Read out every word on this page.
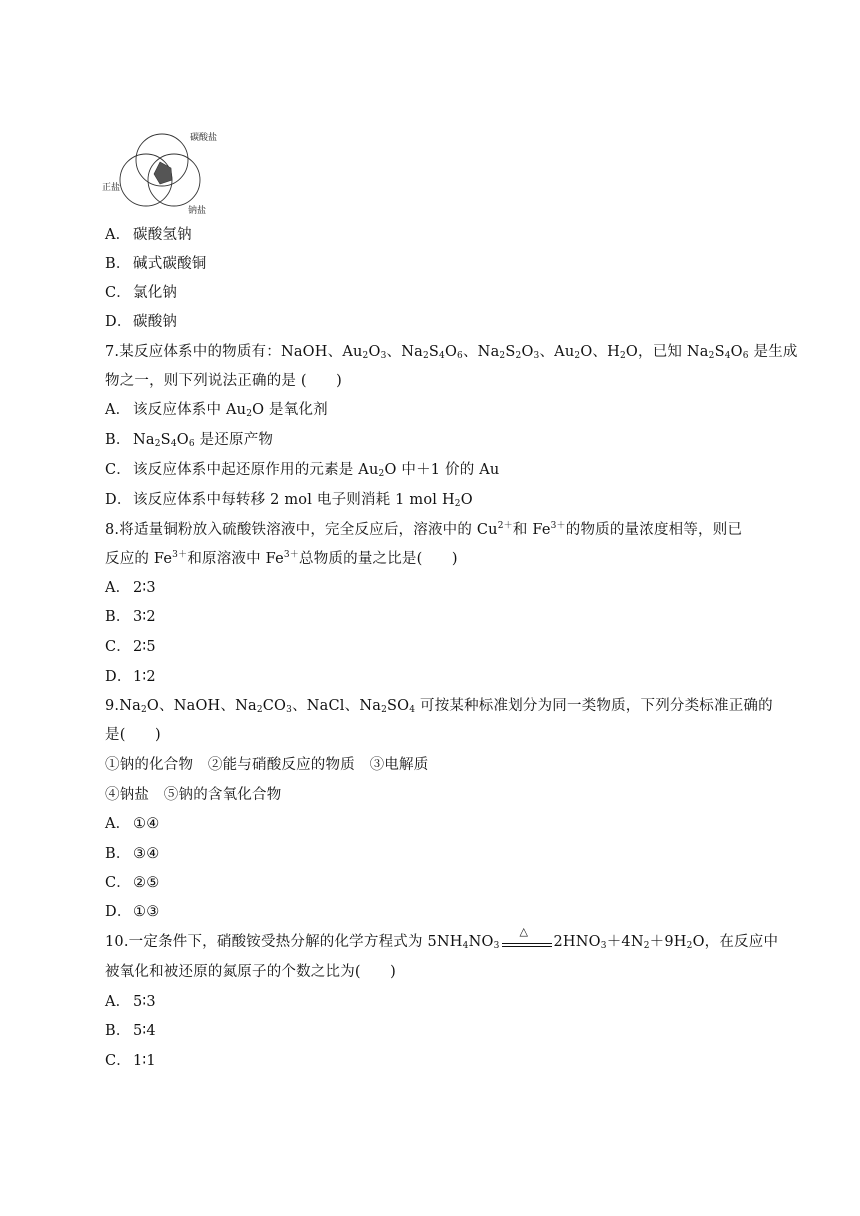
碳酸盐
正盐
钠盐
A． 碳酸氢钠
B． 碱式碳酸铜
C． 氯化钠
D．碳酸钠
7.某反应体系中的物质有：NaOH、$Au_2O_3$、$Na_2S_4O_6$、$Na_2S_2O_3$、$Au_2O$、$H_2O$，已知 $Na_2S_4O_6$ 是生成
物之一，则下列说法正确的是 (　　)
A． 该反应体系中 $Au_2O$ 是氧化剂
B． $Na_2S_4O_6$ 是还原产物
C． 该反应体系中起还原作用的元素是 $Au_2O$ 中＋1 价的 Au
D．该反应体系中每转移 2 mol 电子则消耗 1 mol $H_2O$
8.将适量铜粉放入硫酸铁溶液中，完全反应后，溶液中的 $Cu^{2+}$和 $Fe^{3+}$的物质的量浓度相等，则已
反应的 $Fe^{3+}$和原溶液中 $Fe^{3+}$总物质的量之比是(　　)
A． 2∶3
B． 3∶2
C． 2∶5
D．1∶2
$9.Na_2O$、NaOH、$Na_2CO_3$、NaCl、$Na_2SO_4$ 可按某种标准划分为同一类物质，下列分类标准正确的
是(　　)
①钠的化合物　②能与硝酸反应的物质　③电解质
④钠盐　⑤钠的含氧化合物
A． ①④
B． ③④
C． ②⑤
D．①③
10.一定条件下，硝酸铵受热分解的化学方程式为 $5NH_4NO_3$
△
$2HNO_3+4N_2+9H_2O$，在反应中
被氧化和被还原的氮原子的个数之比为(　　)
A． 5∶3
B． 5∶4
C． 1∶1
